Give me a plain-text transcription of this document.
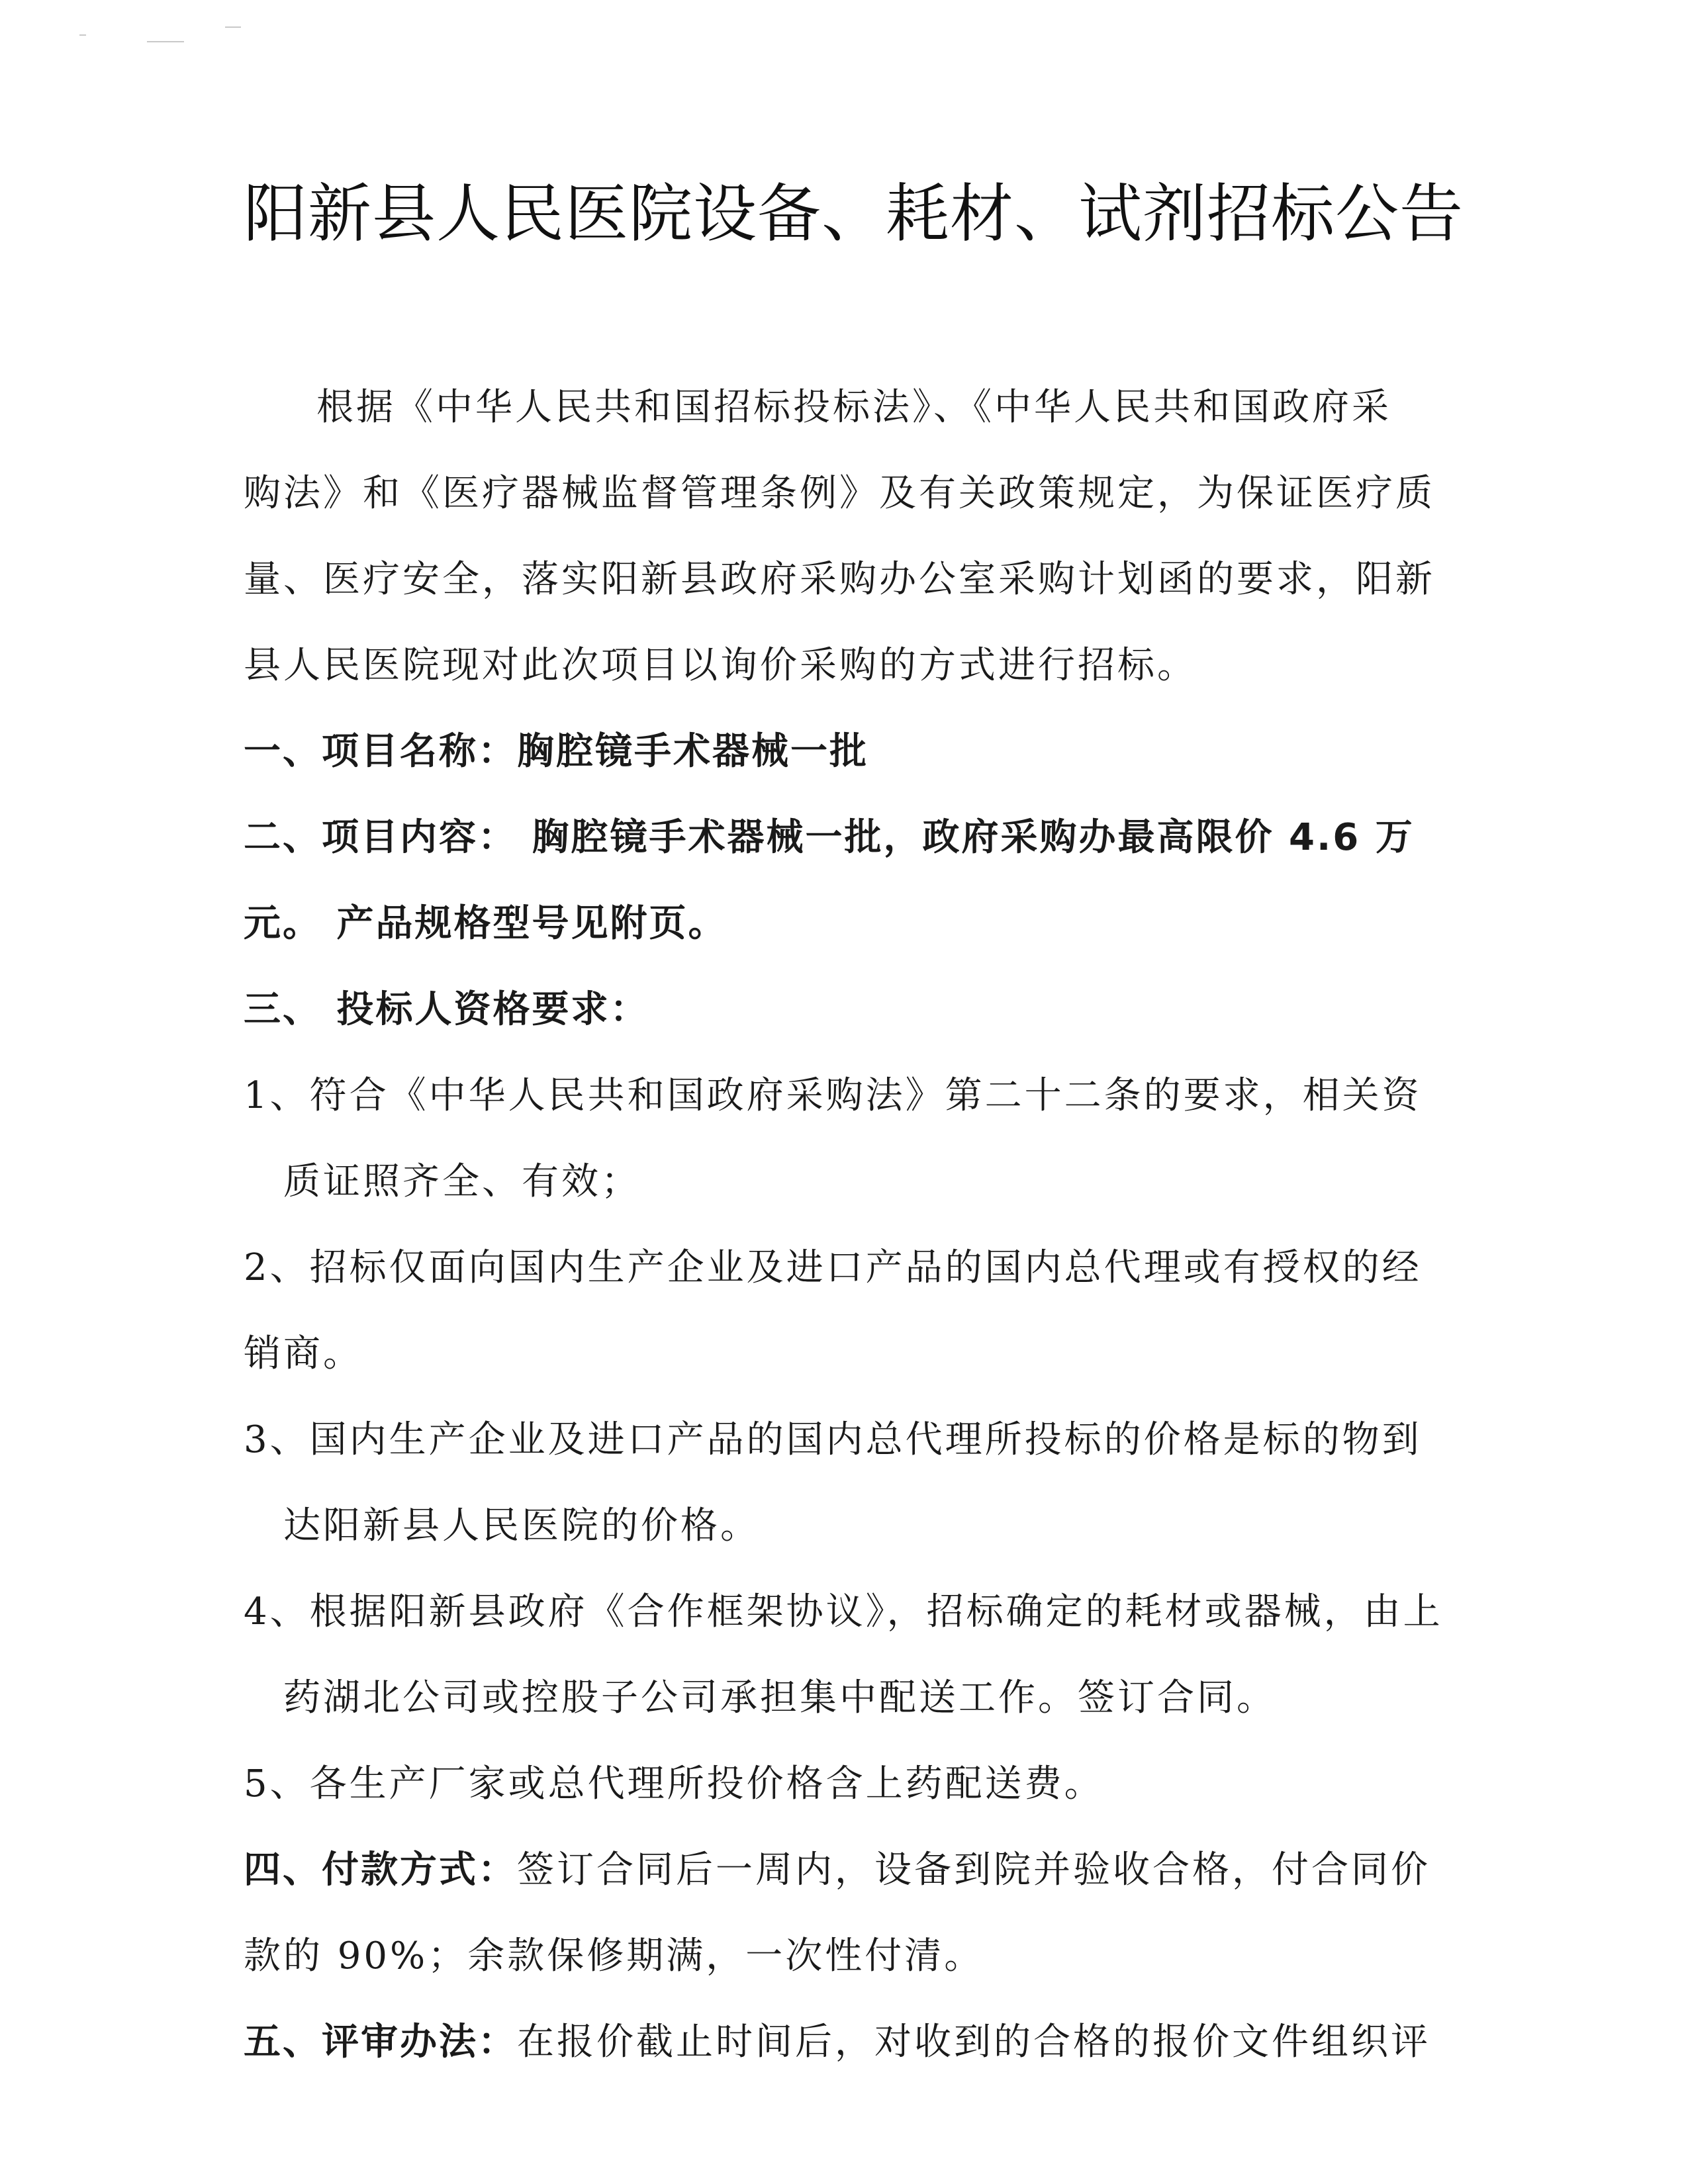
阳新县人民医院设备、耗材、试剂招标公告
根据《中华人民共和国招标投标法》、《中华人民共和国政府采
购法》和《医疗器械监督管理条例》及有关政策规定，为保证医疗质
量、医疗安全，落实阳新县政府采购办公室采购计划函的要求，阳新
县人民医院现对此次项目以询价采购的方式进行招标。
一、项目名称：胸腔镜手术器械一批
二、项目内容： 胸腔镜手术器械一批，政府采购办最高限价 4.6 万
元。 产品规格型号见附页。
三、 投标人资格要求：
1、符合《中华人民共和国政府采购法》第二十二条的要求，相关资
质证照齐全、有效；
2、招标仅面向国内生产企业及进口产品的国内总代理或有授权的经
销商。
3、国内生产企业及进口产品的国内总代理所投标的价格是标的物到
达阳新县人民医院的价格。
4、根据阳新县政府《合作框架协议》，招标确定的耗材或器械，由上
药湖北公司或控股子公司承担集中配送工作。签订合同。
5、各生产厂家或总代理所投价格含上药配送费。
四、付款方式：签订合同后一周内，设备到院并验收合格，付合同价
款的 90%；余款保修期满，一次性付清。
五、评审办法：在报价截止时间后，对收到的合格的报价文件组织评
